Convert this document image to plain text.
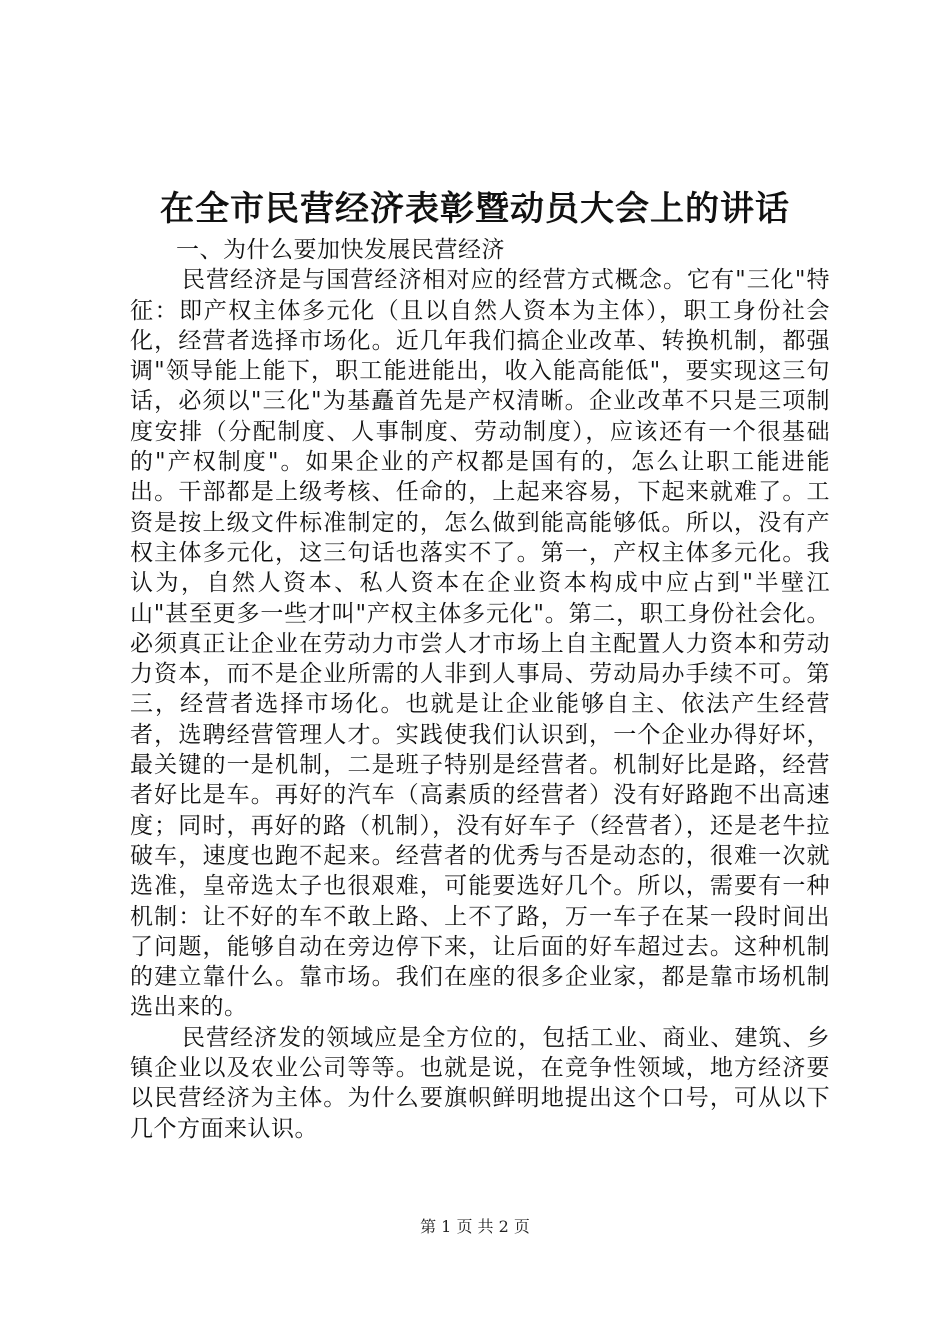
在全市民营经济表彰暨动员大会上的讲话

一、为什么要加快发展民营经济

民营经济是与国营经济相对应的经营方式概念。它有"三化"特征：即产权主体多元化（且以自然人资本为主体），职工身份社会化，经营者选择市场化。近几年我们搞企业改革、转换机制，都强调"领导能上能下，职工能进能出，收入能高能低"，要实现这三句话，必须以"三化"为基矗首先是产权清晰。企业改革不只是三项制度安排（分配制度、人事制度、劳动制度），应该还有一个很基础的"产权制度"。如果企业的产权都是国有的，怎么让职工能进能出。干部都是上级考核、任命的，上起来容易，下起来就难了。工资是按上级文件标准制定的，怎么做到能高能够低。所以，没有产权主体多元化，这三句话也落实不了。第一，产权主体多元化。我认为，自然人资本、私人资本在企业资本构成中应占到"半壁江山"甚至更多一些才叫"产权主体多元化"。第二，职工身份社会化。必须真正让企业在劳动力市尝人才市场上自主配置人力资本和劳动力资本，而不是企业所需的人非到人事局、劳动局办手续不可。第三，经营者选择市场化。也就是让企业能够自主、依法产生经营者，选聘经营管理人才。实践使我们认识到，一个企业办得好坏，最关键的一是机制，二是班子特别是经营者。机制好比是路，经营者好比是车。再好的汽车（高素质的经营者）没有好路跑不出高速度；同时，再好的路（机制），没有好车子（经营者），还是老牛拉破车，速度也跑不起来。经营者的优秀与否是动态的，很难一次就选准，皇帝选太子也很艰难，可能要选好几个。所以，需要有一种机制：让不好的车不敢上路、上不了路，万一车子在某一段时间出了问题，能够自动在旁边停下来，让后面的好车超过去。这种机制的建立靠什么。靠市场。我们在座的很多企业家，都是靠市场机制选出来的。

民营经济发的领域应是全方位的，包括工业、商业、建筑、乡镇企业以及农业公司等等。也就是说，在竞争性领域，地方经济要以民营经济为主体。为什么要旗帜鲜明地提出这个口号，可从以下几个方面来认识。

第 1 页 共 2 页
